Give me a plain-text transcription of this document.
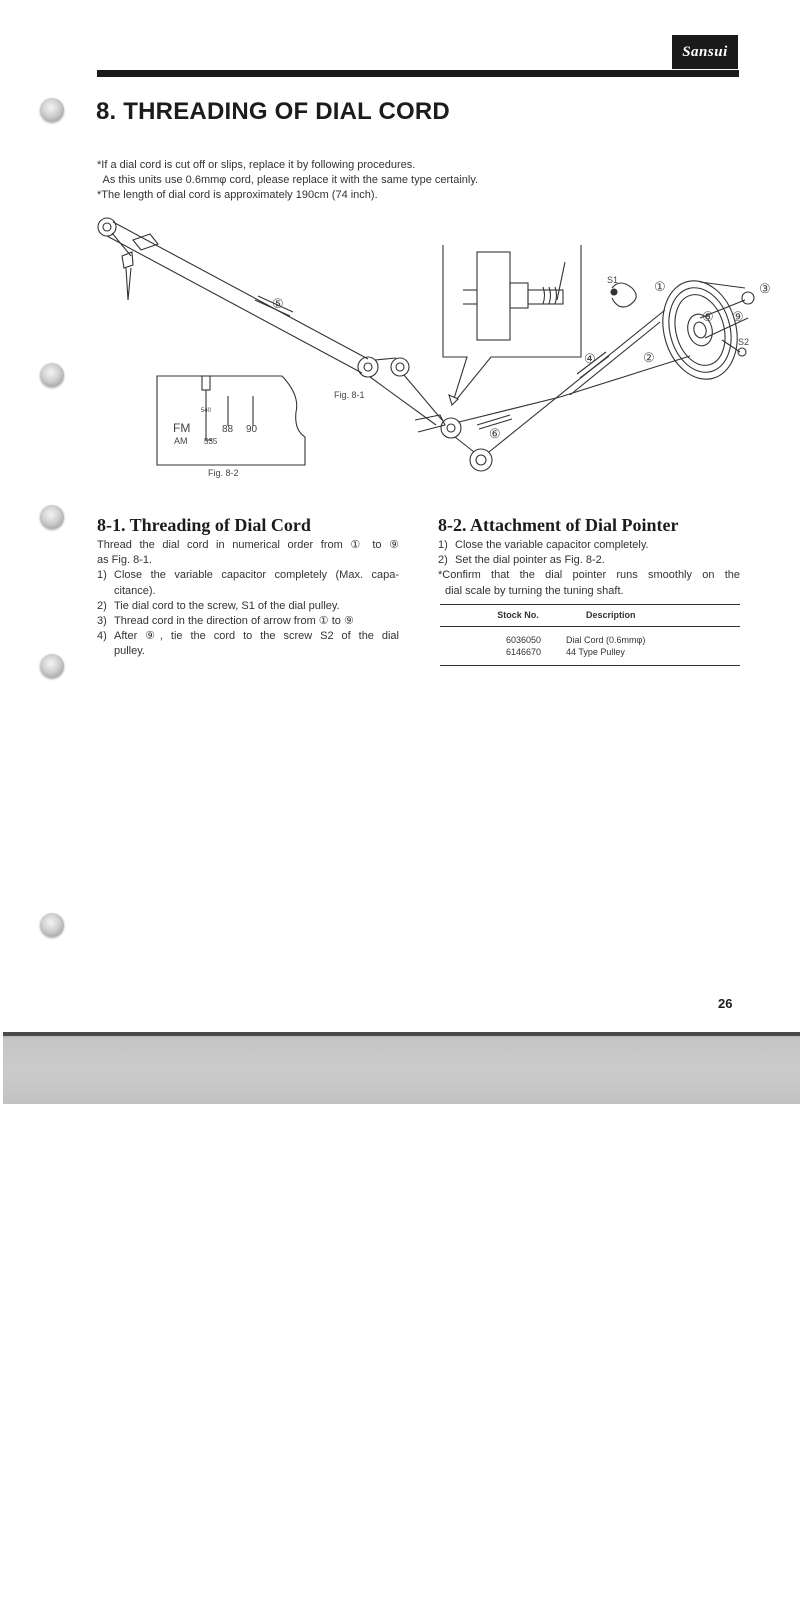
Sansui
8. THREADING OF DIAL CORD
*If a dial cord is cut off or slips, replace it by following procedures.
As this units use 0.6mmφ cord, please replace it with the same type certainly.
*The length of dial cord is approximately 190cm (74 inch).
Fig. 8-1
Fig. 8-2
FM
AM
540
535
88 90
S1
S2
①
②
③
④
⑤
⑥
⑧ ⑨
8-1. Threading of Dial Cord
Thread the dial cord in numerical order from ① to ⑨
as Fig. 8-1.
1) Close the variable capacitor completely (Max. capa-
citance).
2) Tie dial cord to the screw, S1 of the dial pulley.
3) Thread cord in the direction of arrow from ① to ⑨
4) After ⑨, tie the cord to the screw S2 of the dial
pulley.
8-2. Attachment of Dial Pointer
1) Close the variable capacitor completely.
2) Set the dial pointer as Fig. 8-2.
*Confirm that the dial pointer runs smoothly on the
dial scale by turning the tuning shaft.
Stock No.	Description
6036050	Dial Cord (0.6mmφ)
6146670	44 Type Pulley
26
